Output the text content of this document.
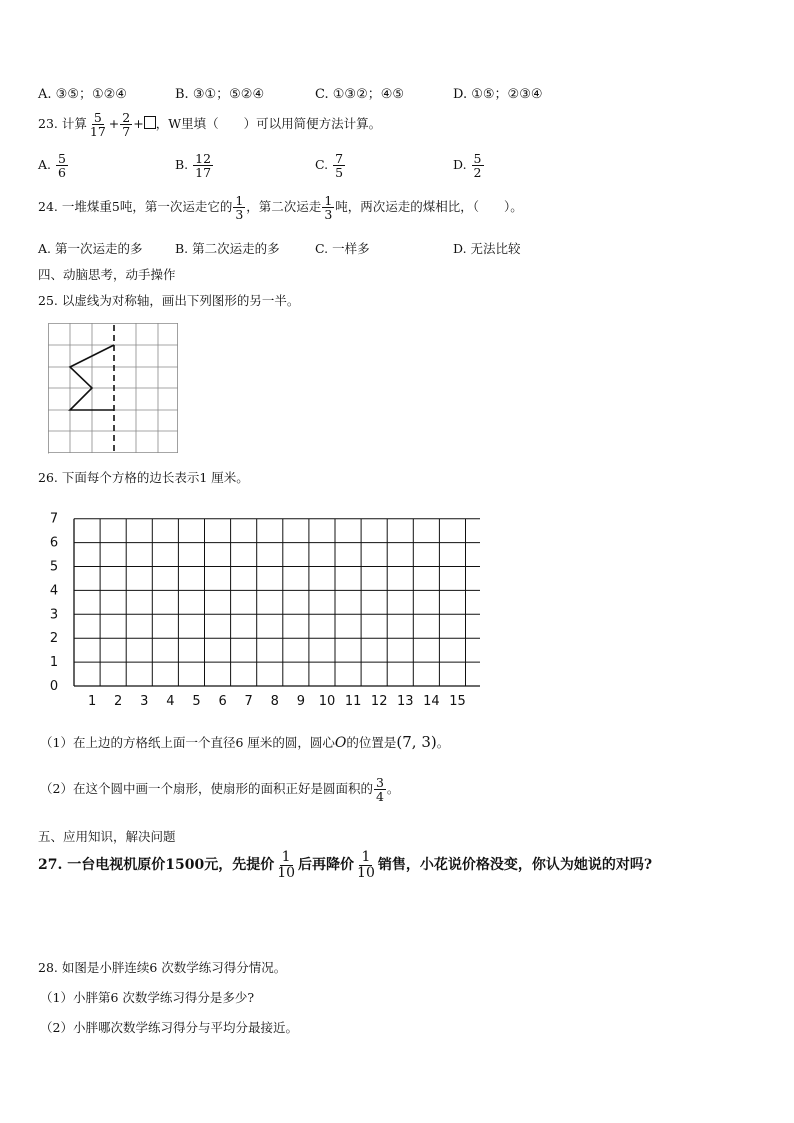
A. ③⑤；①②④	B. ③①；⑤②④	C. ①③②；④⑤	D. ①⑤；②③④
23. 计算 $\frac{5}{17} + \frac{2}{7}$ + ，W里填（　　）可以用简便方法计算。
A. $\frac{5}{6}$	B. $\frac{12}{17}$	C. $\frac{7}{5}$	D. $\frac{5}{2}$
24. 一堆煤重5吨，第一次运走它的 $\frac{1}{3}$ ，第二次运走 $\frac{1}{3}$ 吨，两次运走的煤相比，（　　）。
A. 第一次运走的多	B. 第二次运走的多	C. 一样多	D. 无法比较
四、动脑思考，动手操作
25. 以虚线为对称轴，画出下列图形的另一半。
26. 下面每个方格的边长表示1 厘米。
7
6
5
4
3
2
1
0
1 2 3 4 5 6 7 8 9 10 11 12 13 14 15
（1）在上边的方格纸上面一个直径6 厘米的圆，圆心O的位置是(7, 3)。
（2）在这个圆中画一个扇形，使扇形的面积正好是圆面积的 $\frac{3}{4}$ 。
五、应用知识，解决问题
27. 一台电视机原价1500元，先提价 $\frac{1}{10}$ 后再降价 $\frac{1}{10}$ 销售，小花说价格没变，你认为她说的对吗?
28. 如图是小胖连续6 次数学练习得分情况。
（1）小胖第6 次数学练习得分是多少?
（2）小胖哪次数学练习得分与平均分最接近。
